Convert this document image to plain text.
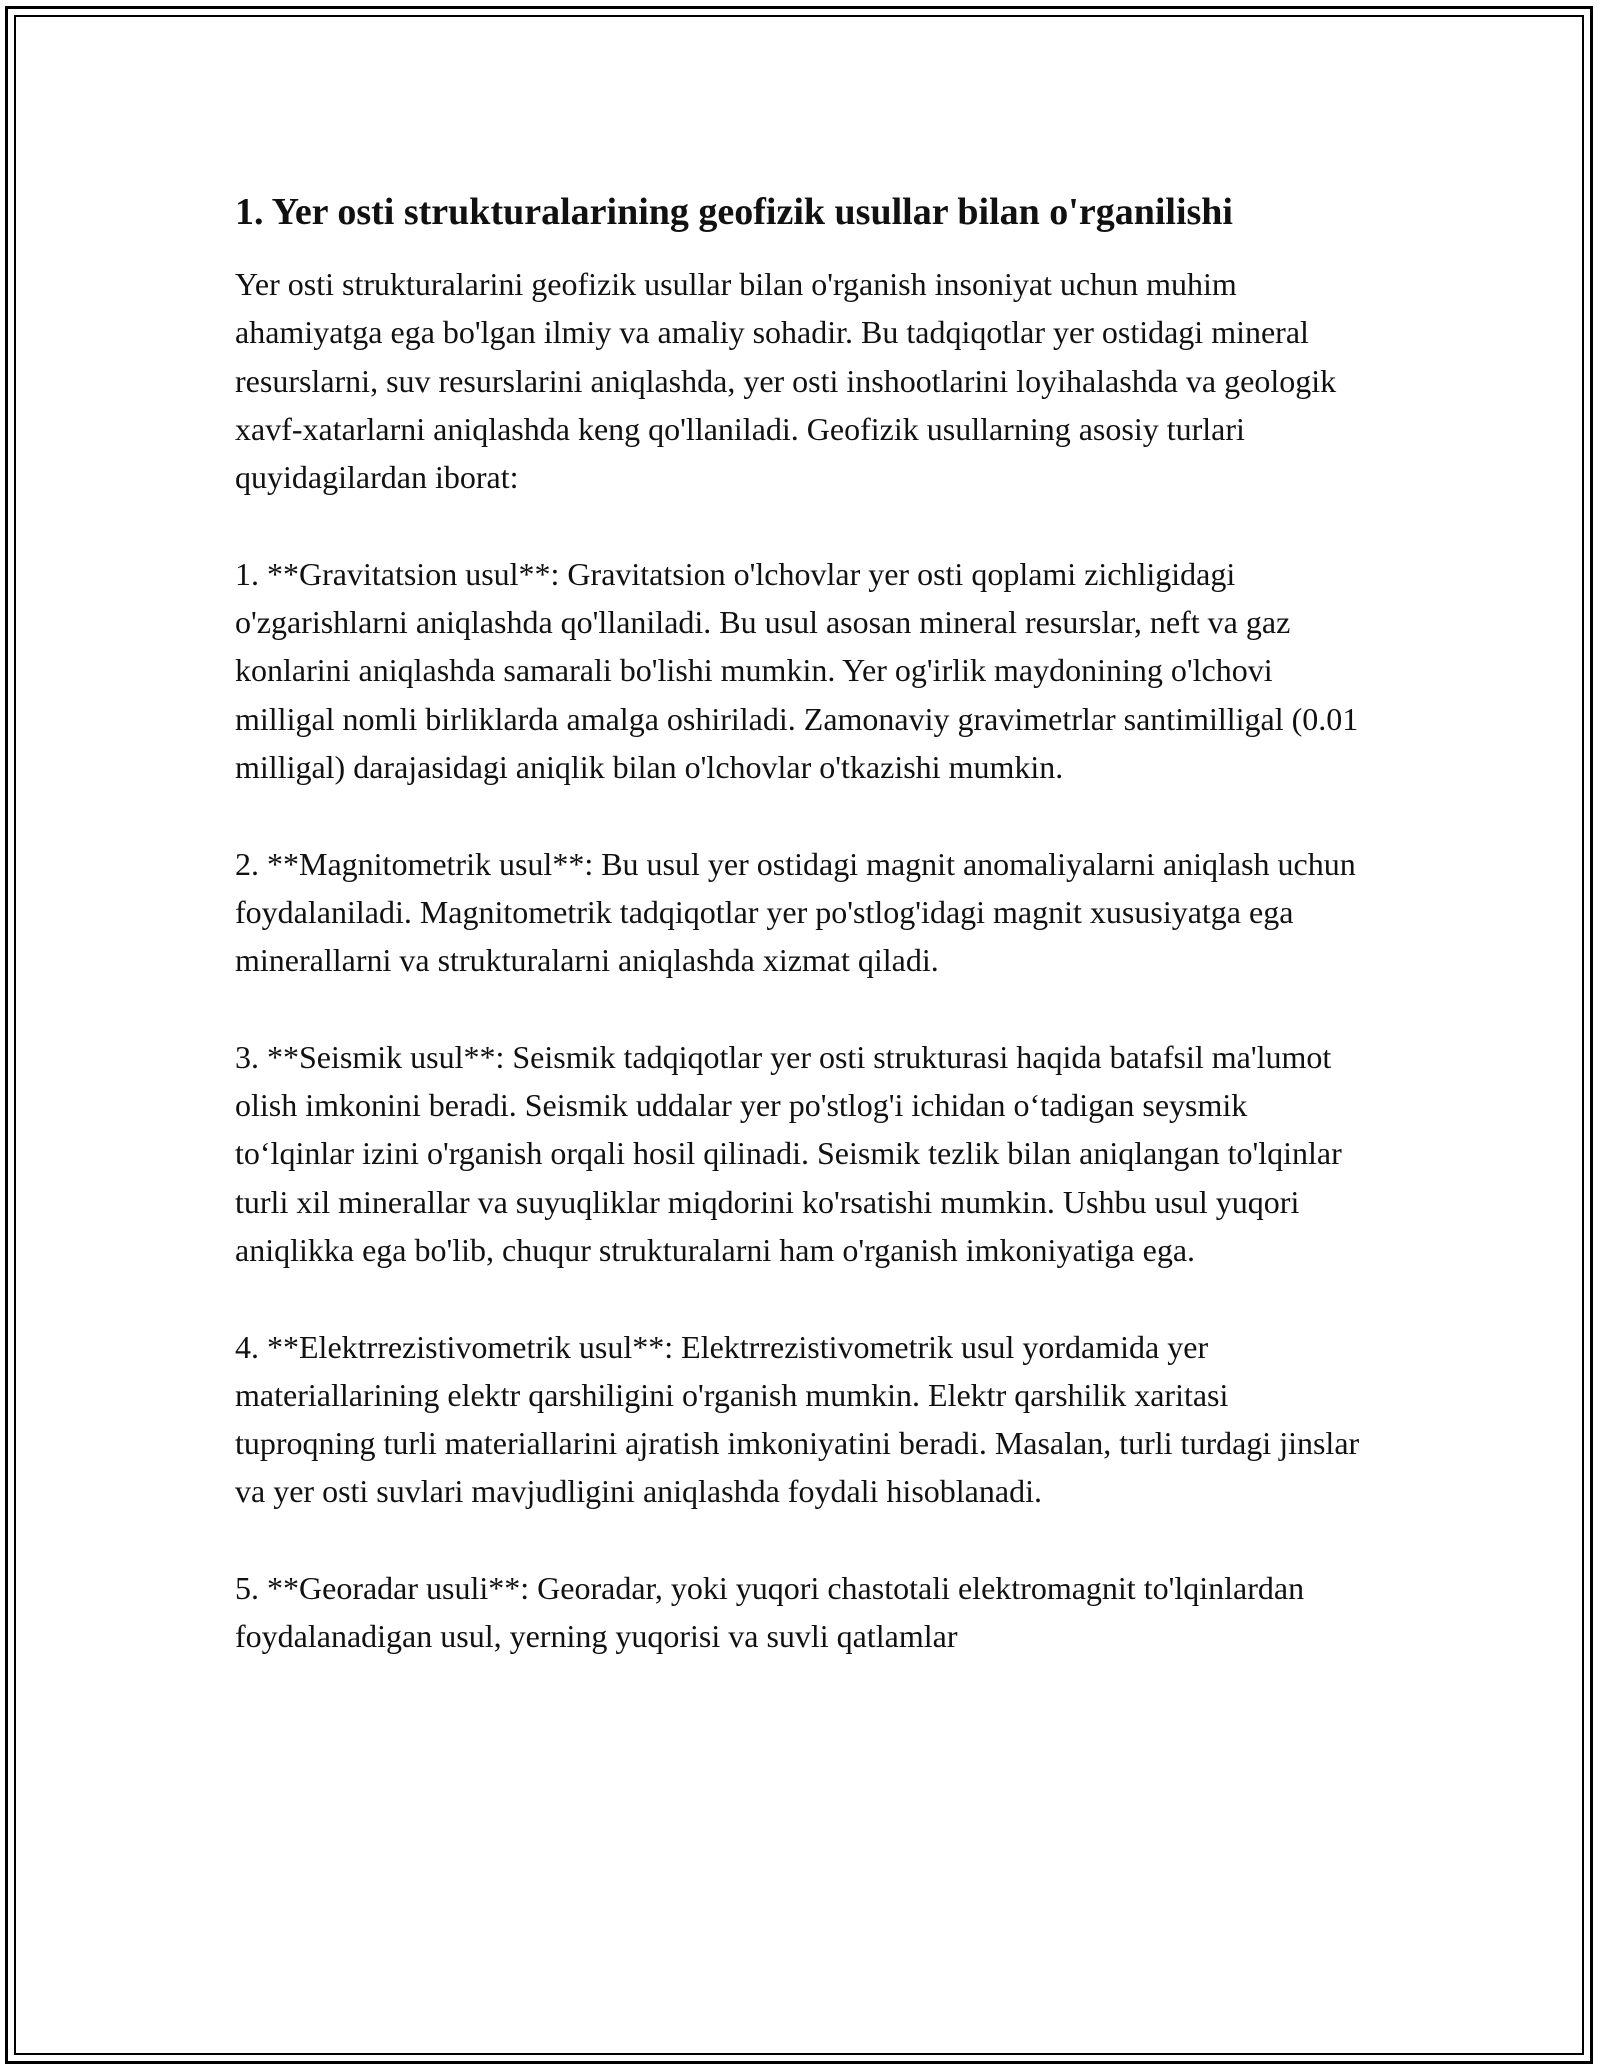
1. Yer osti strukturalarining geofizik usullar bilan o'rganilishi

Yer osti strukturalarini geofizik usullar bilan o'rganish insoniyat uchun muhim ahamiyatga ega bo'lgan ilmiy va amaliy sohadir. Bu tadqiqotlar yer ostidagi mineral resurslarni, suv resurslarini aniqlashda, yer osti inshootlarini loyihalashda va geologik xavf-xatarlarni aniqlashda keng qo'llaniladi. Geofizik usullarning asosiy turlari quyidagilardan iborat:

1. **Gravitatsion usul**: Gravitatsion o'lchovlar yer osti qoplami zichligidagi o'zgarishlarni aniqlashda qo'llaniladi. Bu usul asosan mineral resurslar, neft va gaz konlarini aniqlashda samarali bo'lishi mumkin. Yer og'irlik maydonining o'lchovi milligal nomli birliklarda amalga oshiriladi. Zamonaviy gravimetrlar santimilligal (0.01 milligal) darajasidagi aniqlik bilan o'lchovlar o'tkazishi mumkin.

2. **Magnitometrik usul**: Bu usul yer ostidagi magnit anomaliyalarni aniqlash uchun foydalaniladi. Magnitometrik tadqiqotlar yer po'stlog'idagi magnit xususiyatga ega minerallarni va strukturalarni aniqlashda xizmat qiladi.

3. **Seismik usul**: Seismik tadqiqotlar yer osti strukturasi haqida batafsil ma'lumot olish imkonini beradi. Seismik uddalar yer po'stlog'i ichidan o‘tadigan seysmik to‘lqinlar izini o'rganish orqali hosil qilinadi. Seismik tezlik bilan aniqlangan to'lqinlar turli xil minerallar va suyuqliklar miqdorini ko'rsatishi mumkin. Ushbu usul yuqori aniqlikka ega bo'lib, chuqur strukturalarni ham o'rganish imkoniyatiga ega.

4. **Elektrrezistivometrik usul**: Elektrrezistivometrik usul yordamida yer materiallarining elektr qarshiligini o'rganish mumkin. Elektr qarshilik xaritasi tuproqning turli materiallarini ajratish imkoniyatini beradi. Masalan, turli turdagi jinslar va yer osti suvlari mavjudligini aniqlashda foydali hisoblanadi.

5. **Georadar usuli**: Georadar, yoki yuqori chastotali elektromagnit to'lqinlardan foydalanadigan usul, yerning yuqorisi va suvli qatlamlar
